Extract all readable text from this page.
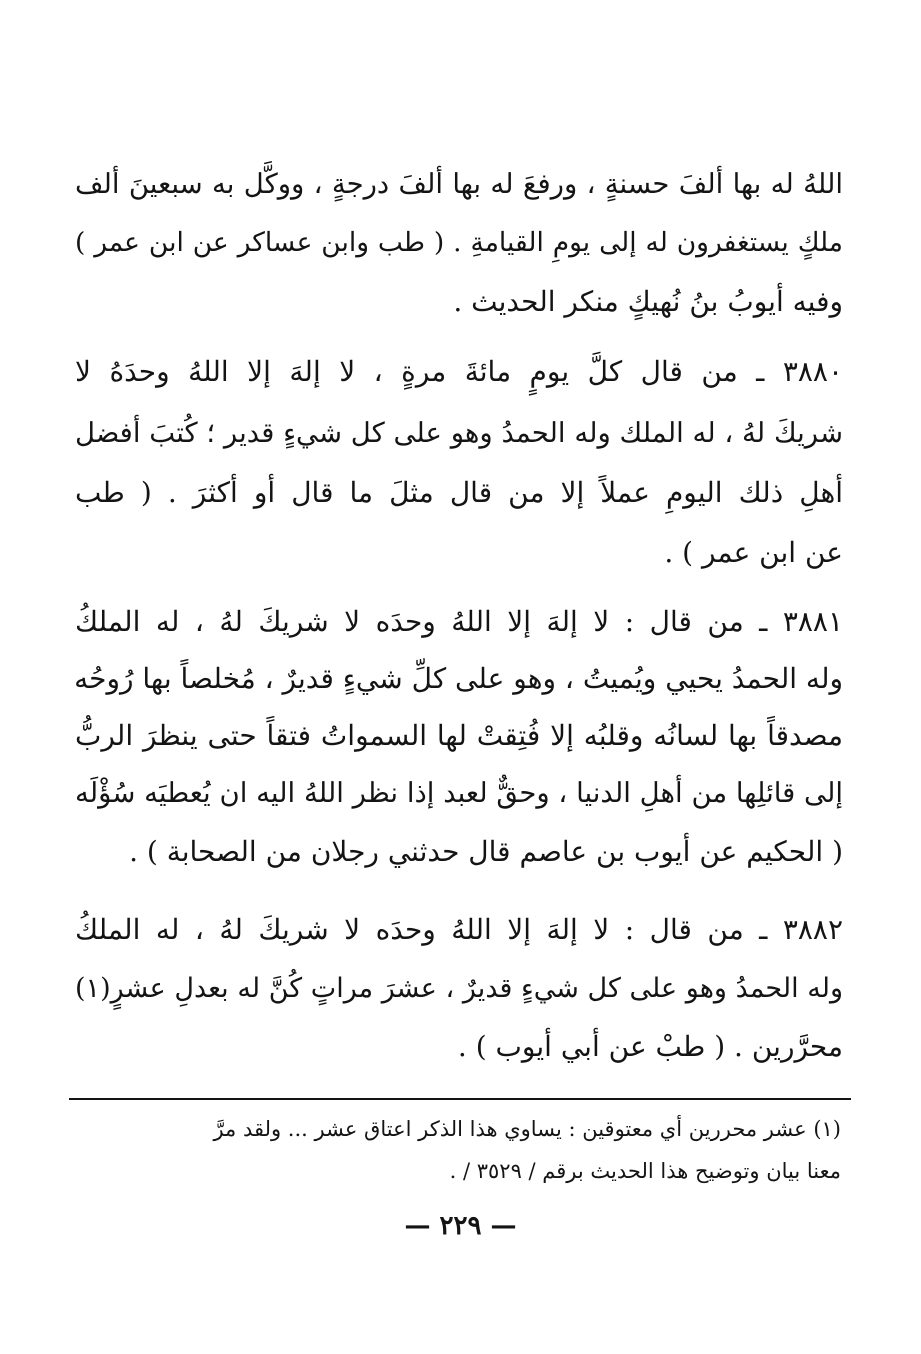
اللهُ له بها ألفَ حسنةٍ ، ورفعَ له بها ألفَ درجةٍ ، ووكَّل به سبعينَ ألف
ملكٍ يستغفرون له إلى يومِ القيامةِ . ( طب وابن عساكر عن ابن عمر )
وفيه أيوبُ بنُ نُهيكٍ منكر الحديث .
٣٨٨٠ ـ من قال كلَّ يومٍ مائةَ مرةٍ ، لا إلهَ إلا اللهُ وحدَهُ لا
شريكَ لهُ ، له الملك وله الحمدُ وهو على كل شيءٍ قدير ؛ كُتبَ أفضل
أهلِ ذلك اليومِ عملاً إلا من قال مثلَ ما قال أو أكثرَ . ( طب
عن ابن عمر ) .
٣٨٨١ ـ من قال : لا إلهَ إلا اللهُ وحدَه لا شريكَ لهُ ، له الملكُ
وله الحمدُ يحيي ويُميتُ ، وهو على كلِّ شيءٍ قديرٌ ، مُخلصاً بها رُوحُه
مصدقاً بها لسانُه وقلبُه إلا فُتِقتْ لها السمواتُ فتقاً حتى ينظرَ الربُّ
إلى قائلِها من أهلِ الدنيا ، وحقٌّ لعبد إذا نظر اللهُ اليه ان يُعطيَه سُؤْلَه
( الحكيم عن أيوب بن عاصم قال حدثني رجلان من الصحابة ) .
٣٨٨٢ ـ من قال : لا إلهَ إلا اللهُ وحدَه لا شريكَ لهُ ، له الملكُ
وله الحمدُ وهو على كل شيءٍ قديرٌ ، عشرَ مراتٍ كُنَّ له بعدلِ عشرٍ(١)
محرَّرين . ( طبْ عن أبي أيوب ) .
(١) عشر محررين أي معتوقين : يساوي هذا الذكر اعتاق عشر ... ولقد مرَّ
معنا بيان وتوضيح هذا الحديث برقم / ٣٥٢٩ / .
— ٢٢٩ —
